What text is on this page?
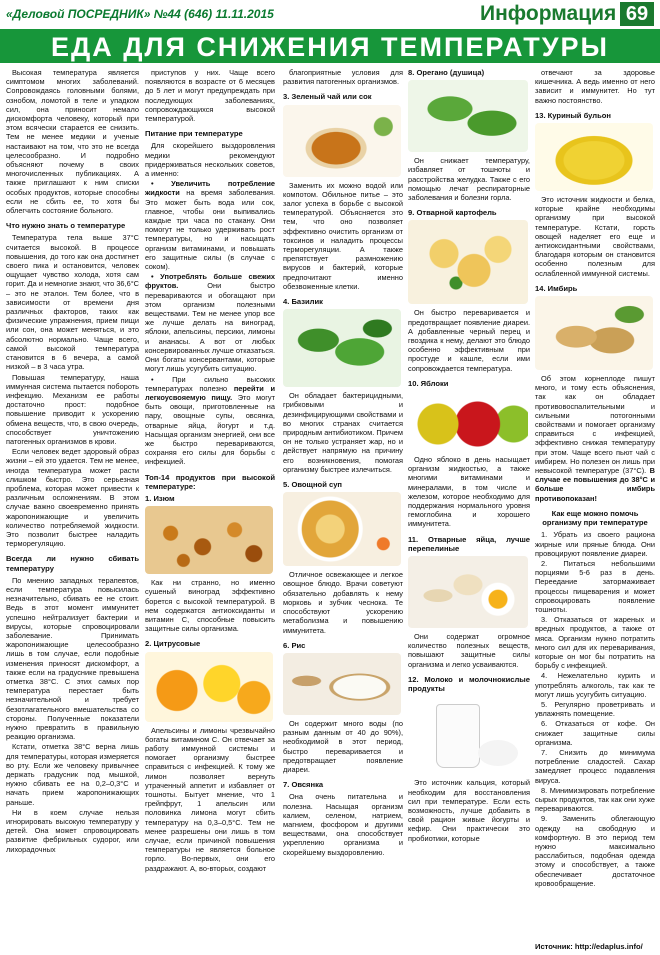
«Деловой ПОСРЕДНИК» №44 (646) 11.11.2015	Информация 69
ЕДА ДЛЯ СНИЖЕНИЯ ТЕМПЕРАТУРЫ

Высокая температура является симптомом многих заболеваний. Сопровождаясь головными болями, ознобом, ломотой в теле и упадком сил, она приносит немало дискомфорта человеку, который при этом всячески старается ее снизить. Тем не менее медики и ученые настаивают на том, что это не всегда целесообразно. И подробно объясняют почему в своих многочисленных публикациях. А также приглашают к ним списки особых продуктов, которые способны если не сбить ее, то хотя бы облегчить состояние больного.

Что нужно знать о температуре

Температура тела выше 37°С считается высокой. В процессе повышения, до того как она достигнет своего пика и остановится, человек ощущает чувство холода, хотя сам горит. Да и немногие знают, что 36,6°С – это не эталон. Тем более, что в зависимости от времени дня различных факторов, таких как физические упражнения, прием пищи или сон, она может меняться, и это абсолютно нормально. Чаще всего, самой высокой температура становится в 6 вечера, а самой низкой – в 3 часа утра.

Повышая температуру, наша иммунная система пытается побороть инфекцию. Механизм ее работы достаточно прост: подобное повышение приводит к ускорению обмена веществ, что, в свою очередь, способствует уничтожению патогенных организмов в крови.

Если человек ведет здоровый образ жизни – ей это удается. Тем не менее, иногда температура может расти слишком быстро. Это серьезная проблема, которая может привести к различным осложнениям. В этом случае важно своевременно принять жаропонижающие и увеличить количество потребляемой жидкости. Это позволит быстрее наладить терморегуляцию.

Всегда ли нужно сбивать температуру

По мнению западных терапевтов, если температура повысилась незначительно, сбивать ее не стоит. Ведь в этот момент иммунитет успешно нейтрализует бактерии и вирусы, которые спровоцировали заболевание. Принимать жаропонижающие целесообразно лишь в том случае, если подобные изменения приносят дискомфорт, а также если на градуснике превышена отметка 38°С. С этих самых пор температура перестает быть незначительной и требует безотлагательного вмешательства со стороны. Полученные показатели нужно превратить в правильную реакцию организма.

Кстати, отметка 38°С верна лишь для температуры, которая измеряется во рту. Если же человеку привычнее держать градусник под мышкой, нужно сбивать ее на 0,2–0,3°С и начать прием жаропонижающих раньше.

Ни в коем случае нельзя игнорировать высокую температуру у детей. Она может спровоцировать развитие фебрильных судорог, или лихорадочных

приступов у них. Чаще всего появляются в возрасте от 6 месяцев до 5 лет и могут предупреждать при последующих заболеваниях, сопровождающихся высокой температурой.

Питание при температуре

Для скорейшего выздоровления медики рекомендуют придерживаться нескольких советов, а именно:

• Увеличить потребление жидкости на время заболевания. Это может быть вода или сок, главное, чтобы они выпивались каждые три часа по стакану. Они помогут не только удерживать рост температуры, но и насыщать организм витаминами, и повышать его защитные силы (в случае с соком).

• Употреблять больше свежих фруктов.	Они быстро перевариваются и обогащают при этом организм полезными веществами. Тем не менее упор все же лучше делать на виноград, яблоки, апельсины, персики, лимоны и ананасы. А вот от любых консервированных лучше отказаться. Они богаты консервантами, которые могут лишь усугубить ситуацию.

• При сильно высоких температурах полезно перейти и легкоусвояемую пищу. Это могут быть овощи, приготовленные на пару, овощные супы, овсянка, отварные яйца, йогурт и т.д. Насыщая организм энергией, они все же быстро перевариваются, сохраняя его силы для борьбы с инфекцией.

Топ-14 продуктов при высокой температуре:
1. Изюм

Как ни странно, но именно сушеный виноград эффективно борется с высокой температурой. В нем содержатся антиоксиданты и витамин С, способные повысить защитные силы организма.

2. Цитрусовые

Апельсины и лимоны чрезвычайно богаты витамином С. Он отвечает за работу иммунной системы и помогает организму быстрее справиться с инфекцией. К тому же лимон позволяет вернуть утраченный аппетит и избавляет от тошноты. Бытует мнение, что 1 грейпфрут, 1 апельсин или половинка лимона могут сбить температуру на 0,3–0,5°С. Тем не менее разрешены они лишь в том случае, если причиной повышения температуры не является больное горло. Во-первых, они его раздражают. А, во-вторых, создают

благоприятные условия для развития патогенных организмов.

3. Зеленый чай или сок

Заменить их можно водой или компотом. Обильное питье – это залог успеха в борьбе с высокой температурой. Объясняется это тем, что оно позволяет эффективно очистить организм от токсинов и наладить процессы терморегуляции. А также препятствует размножению вирусов и бактерий, которые предпочитают именно обезвоженные клетки.

4. Базилик

Он обладает бактерицидными, грибковыми и дезинфицирующими свойствами и во многих странах считается природным антибиотиком. Причем он не только устраняет жар, но и действует напрямую на причину его возникновения, помогая организму быстрее излечиться.

5. Овощной суп

Отличное освежающее и легкое овощное блюдо. Врачи советуют обязательно добавлять к нему морковь и зубчик чеснока. Те способствуют ускорению метаболизма и повышению иммунитета.

6. Рис

Он содержит много воды (по разным данным от 40 до 90%), необходимой в этот период, быстро переваривается и предотвращает появление диареи.

7. Овсянка

Она очень питательна и полезна. Насыщая организм калием, селеном, натрием, магнием, фосфором и другими веществами, она способствует укреплению организма и скорейшему выздоровлению.

8. Орегано (душица)

Он снижает температуру, избавляет от тошноты и расстройства желудка. Также с его помощью лечат респираторные заболевания и болезни горла.

9. Отварной картофель

Он быстро переваривается и предотвращает появление диареи. А добавленные черный перец и гвоздика к нему, делают это блюдо особенно эффективным при простуде и кашле, если ими сопровождается температура.

10. Яблоки

Одно яблоко в день насыщает организм жидкостью, а также многими витаминами и минералами, в том числе и железом, которое необходимо для поддержания нормального уровня гемоглобина и хорошего иммунитета.

11. Отварные яйца, лучше перепелиные

Они содержат огромное количество полезных веществ, повышают защитные силы организма и легко усваиваются.

12. Молоко и молочнокислые продукты

Это источник кальция, который необходим для восстановления сил при температуре. Если есть возможность, лучше добавить в свой рацион живые йогурты и кефир. Они практически это пробиотики, которые

отвечают за здоровье кишечника. А ведь именно от него зависит и иммунитет. Но тут важно постоянство.

13. Куриный бульон

Это источник жидкости и белка, которые крайне необходимы организму при высокой температуре. Кстати, горсть овощей наделяет его еще и антиоксидантными свойствами, благодаря которым он становится особенно полезным для ослабленной иммунной системы.

14. Имбирь

Об этом корнеплоде пишут много, и тому есть объяснения, так как он обладает противовоспалительными и сильными потогонными свойствами и помогает организму справиться с инфекцией, эффективно снижая температуру при этом. Чаще всего пьют чай с имбирем. Но полезен он лишь при невысокой температуре (37°С). В случае ее повышения до 38°С и больше имбирь противопоказан!

Как еще можно помочь организму при температуре

1. Убрать из своего рациона жирные или пряные блюда. Они провоцируют появление диареи.

2. Питаться небольшими порциями 5-6 раз в день. Переедание затормаживает процессы пищеварения и может спровоцировать появление тошноты.

3. Отказаться от жареных и вредных продуктов, а также от мяса. Организм нужно потратить много сил для их переваривания, которые он мог бы потратить на борьбу с инфекцией.

4. Нежелательно курить и употреблять алкоголь, так как те могут лишь усугубить ситуацию.

5. Регулярно проветривать и увлажнять помещение.

6. Отказаться от кофе. Он снижает защитные силы организма.

7. Снизить до минимума потребление сладостей. Сахар замедляет процесс подавления вируса.

8. Минимизировать потребление сырых продуктов, так как они хуже перевариваются.

9. Заменить облегающую одежду на свободную и комфортную. В это период тем нужно максимально расслабиться, подобная одежда этому и способствует, а также обеспечивает достаточное кровообращение.

Источник: http://edaplus.info/
